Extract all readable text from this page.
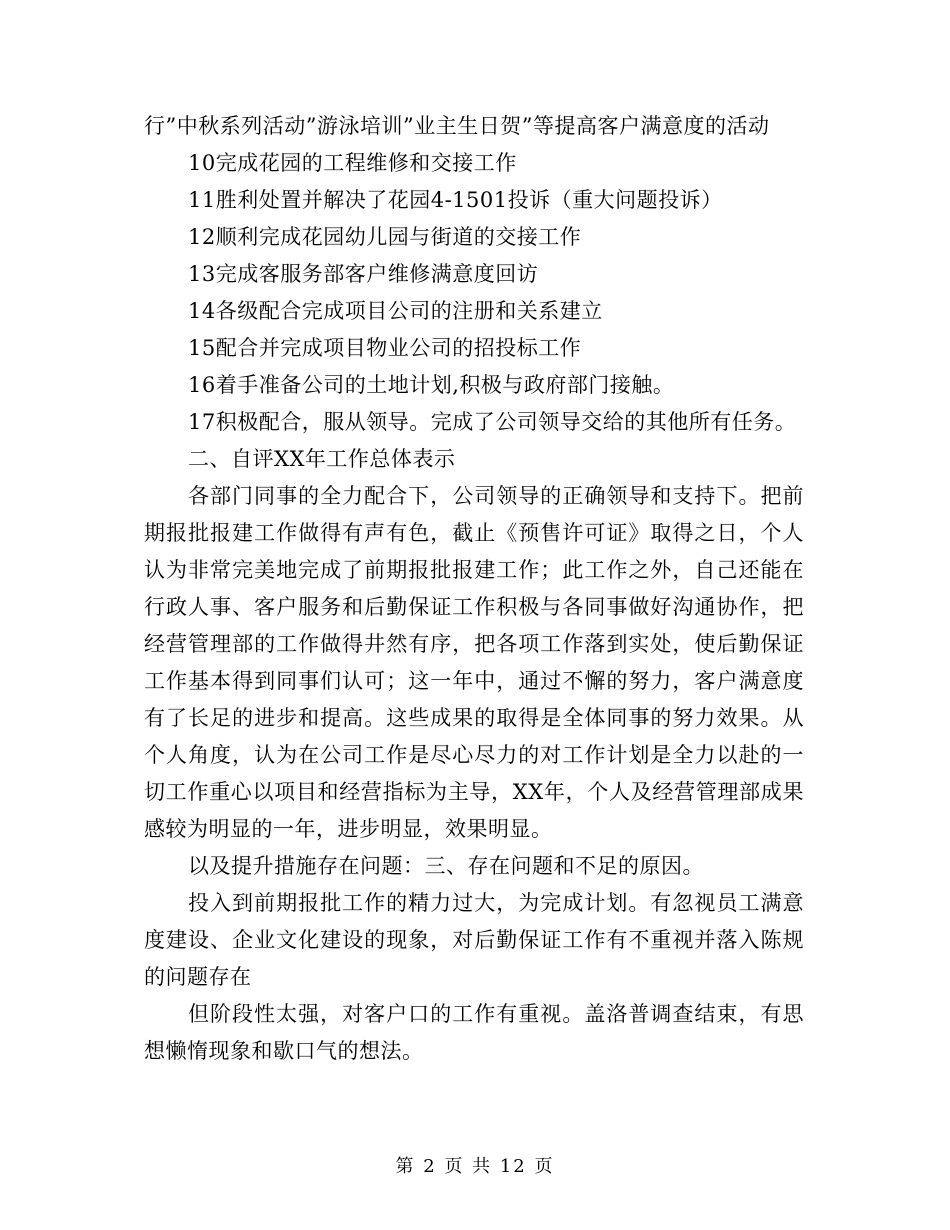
行”中秋系列活动”游泳培训”业主生日贺”等提高客户满意度的活动

10完成花园的工程维修和交接工作

11胜利处置并解决了花园4-1501投诉（重大问题投诉）

12顺利完成花园幼儿园与街道的交接工作

13完成客服务部客户维修满意度回访

14各级配合完成项目公司的注册和关系建立

15配合并完成项目物业公司的招投标工作

16着手准备公司的土地计划,积极与政府部门接触。

17积极配合，服从领导。完成了公司领导交给的其他所有任务。

二、自评XX年工作总体表示

各部门同事的全力配合下，公司领导的正确领导和支持下。把前期报批报建工作做得有声有色，截止《预售许可证》取得之日，个人认为非常完美地完成了前期报批报建工作；此工作之外，自己还能在行政人事、客户服务和后勤保证工作积极与各同事做好沟通协作，把经营管理部的工作做得井然有序，把各项工作落到实处，使后勤保证工作基本得到同事们认可；这一年中，通过不懈的努力，客户满意度有了长足的进步和提高。这些成果的取得是全体同事的努力效果。从个人角度，认为在公司工作是尽心尽力的对工作计划是全力以赴的一切工作重心以项目和经营指标为主导，XX年，个人及经营管理部成果感较为明显的一年，进步明显，效果明显。

以及提升措施存在问题：三、存在问题和不足的原因。

投入到前期报批工作的精力过大，为完成计划。有忽视员工满意度建设、企业文化建设的现象，对后勤保证工作有不重视并落入陈规的问题存在

但阶段性太强，对客户口的工作有重视。盖洛普调查结束，有思想懒惰现象和歇口气的想法。

第 2 页 共 12 页
